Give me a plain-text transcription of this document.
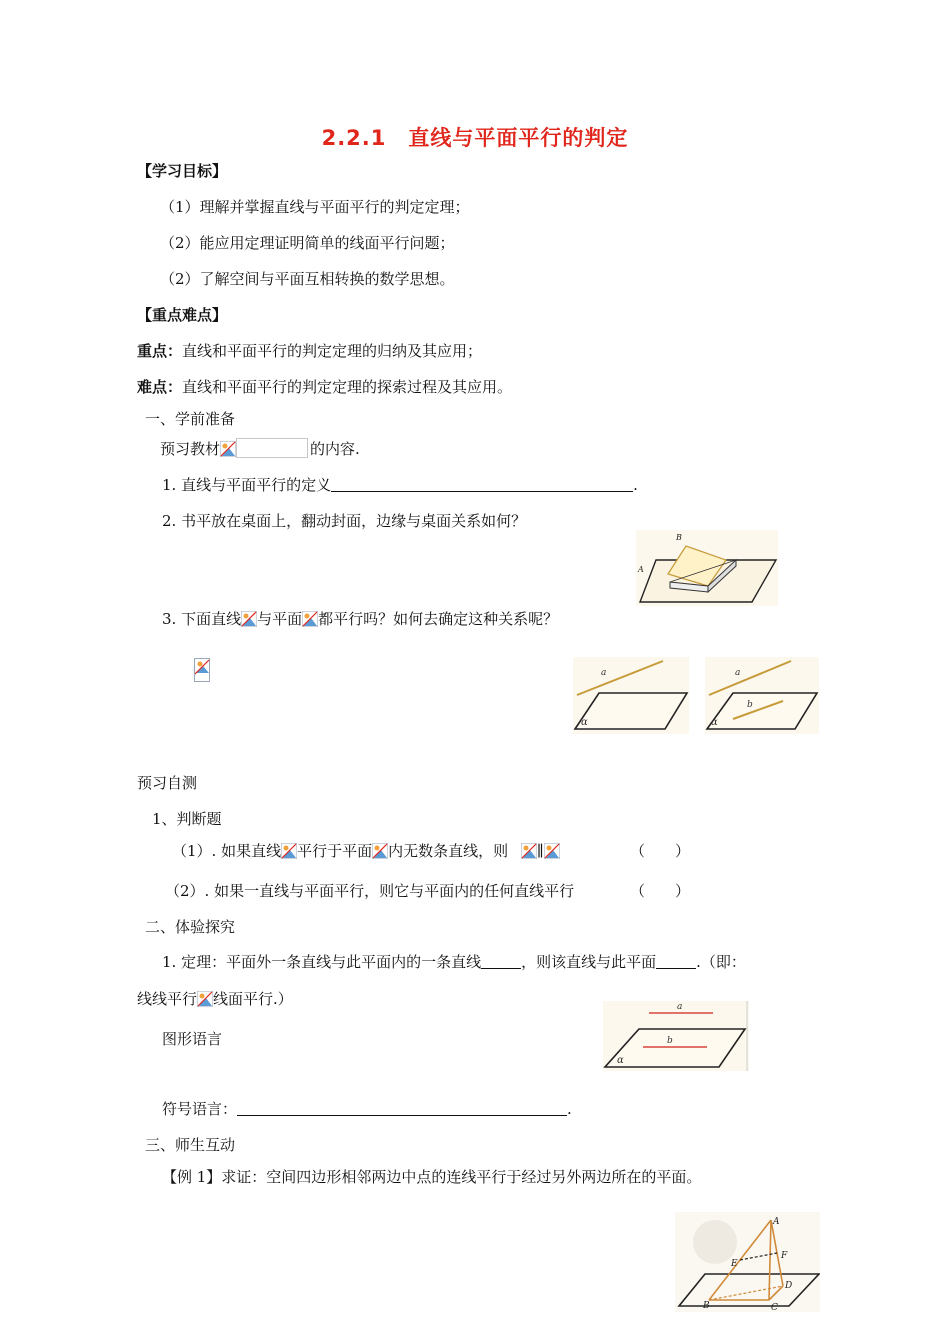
2.2.1　直线与平面平行的判定
【学习目标】
（1）理解并掌握直线与平面平行的判定定理；
（2）能应用定理证明简单的线面平行问题；
（2）了解空间与平面互相转换的数学思想。
【重点难点】
重点：直线和平面平行的判定定理的归纳及其应用；
难点：直线和平面平行的判定定理的探索过程及其应用。
一、学前准备
预习教材	的内容.
1. 直线与平面平行的定义	.
2. 书平放在桌面上，翻动封面，边缘与桌面关系如何？
B
A
3. 下面直线 与平面 都平行吗？如何去确定这种关系呢？
a
α
a
b
α
预习自测
1、判断题
（1）. 如果直线 平行于平面 内无数条直线，则 ∥	（　　）
（2）. 如果一直线与平面平行，则它与平面内的任何直线平行	（　　）
二、体验探究
1. 定理：平面外一条直线与此平面内的一条直线	，则该直线与此平面	.（即：
线线平行 线面平行.）
图形语言
a
b
α
符号语言：	.
三、师生互动
【例 1】求证：空间四边形相邻两边中点的连线平行于经过另外两边所在的平面。
A
F
E
D
B	C
